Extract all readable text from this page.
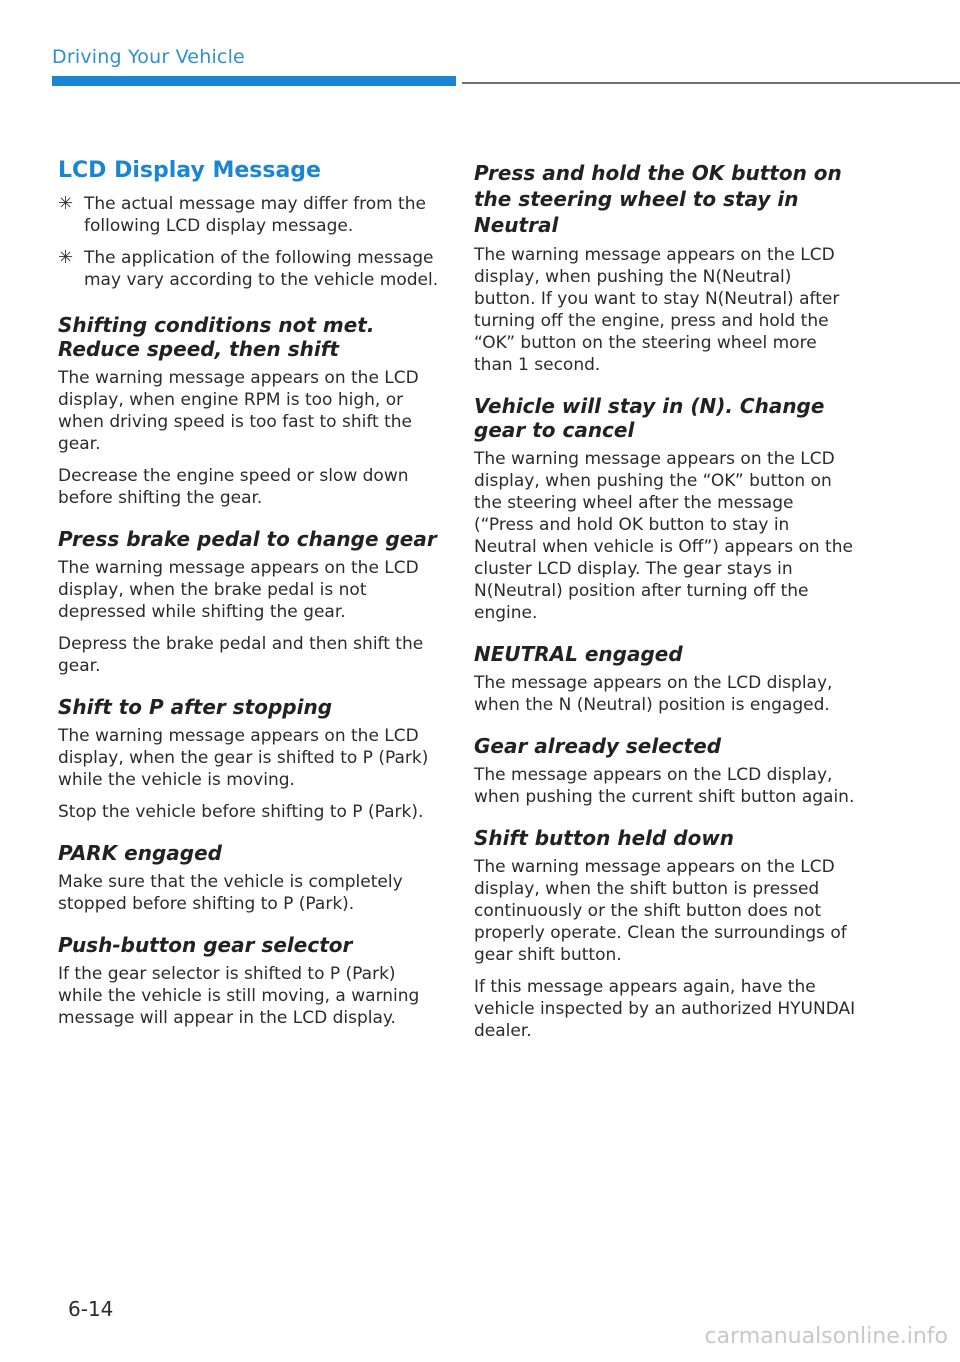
Driving Your Vehicle
LCD Display Message
✳ The actual message may differ from the following LCD display message.
✳ The application of the following message may vary according to the vehicle model.
Shifting conditions not met. Reduce speed, then shift
The warning message appears on the LCD display, when engine RPM is too high, or when driving speed is too fast to shift the gear.
Decrease the engine speed or slow down before shifting the gear.
Press brake pedal to change gear
The warning message appears on the LCD display, when the brake pedal is not depressed while shifting the gear.
Depress the brake pedal and then shift the gear.
Shift to P after stopping
The warning message appears on the LCD display, when the gear is shifted to P (Park) while the vehicle is moving.
Stop the vehicle before shifting to P (Park).
PARK engaged
Make sure that the vehicle is completely stopped before shifting to P (Park).
Push-button gear selector
If the gear selector is shifted to P (Park) while the vehicle is still moving, a warning message will appear in the LCD display.
Press and hold the OK button on the steering wheel to stay in Neutral
The warning message appears on the LCD display, when pushing the N(Neutral) button. If you want to stay N(Neutral) after turning off the engine, press and hold the “OK” button on the steering wheel more than 1 second.
Vehicle will stay in (N). Change gear to cancel
The warning message appears on the LCD display, when pushing the “OK” button on the steering wheel after the message (“Press and hold OK button to stay in Neutral when vehicle is Off”) appears on the cluster LCD display. The gear stays in N(Neutral) position after turning off the engine.
NEUTRAL engaged
The message appears on the LCD display, when the N (Neutral) position is engaged.
Gear already selected
The message appears on the LCD display, when pushing the current shift button again.
Shift button held down
The warning message appears on the LCD display, when the shift button is pressed continuously or the shift button does not properly operate. Clean the surroundings of gear shift button.
If this message appears again, have the vehicle inspected by an authorized HYUNDAI dealer.
6-14
carmanualsonline.info
